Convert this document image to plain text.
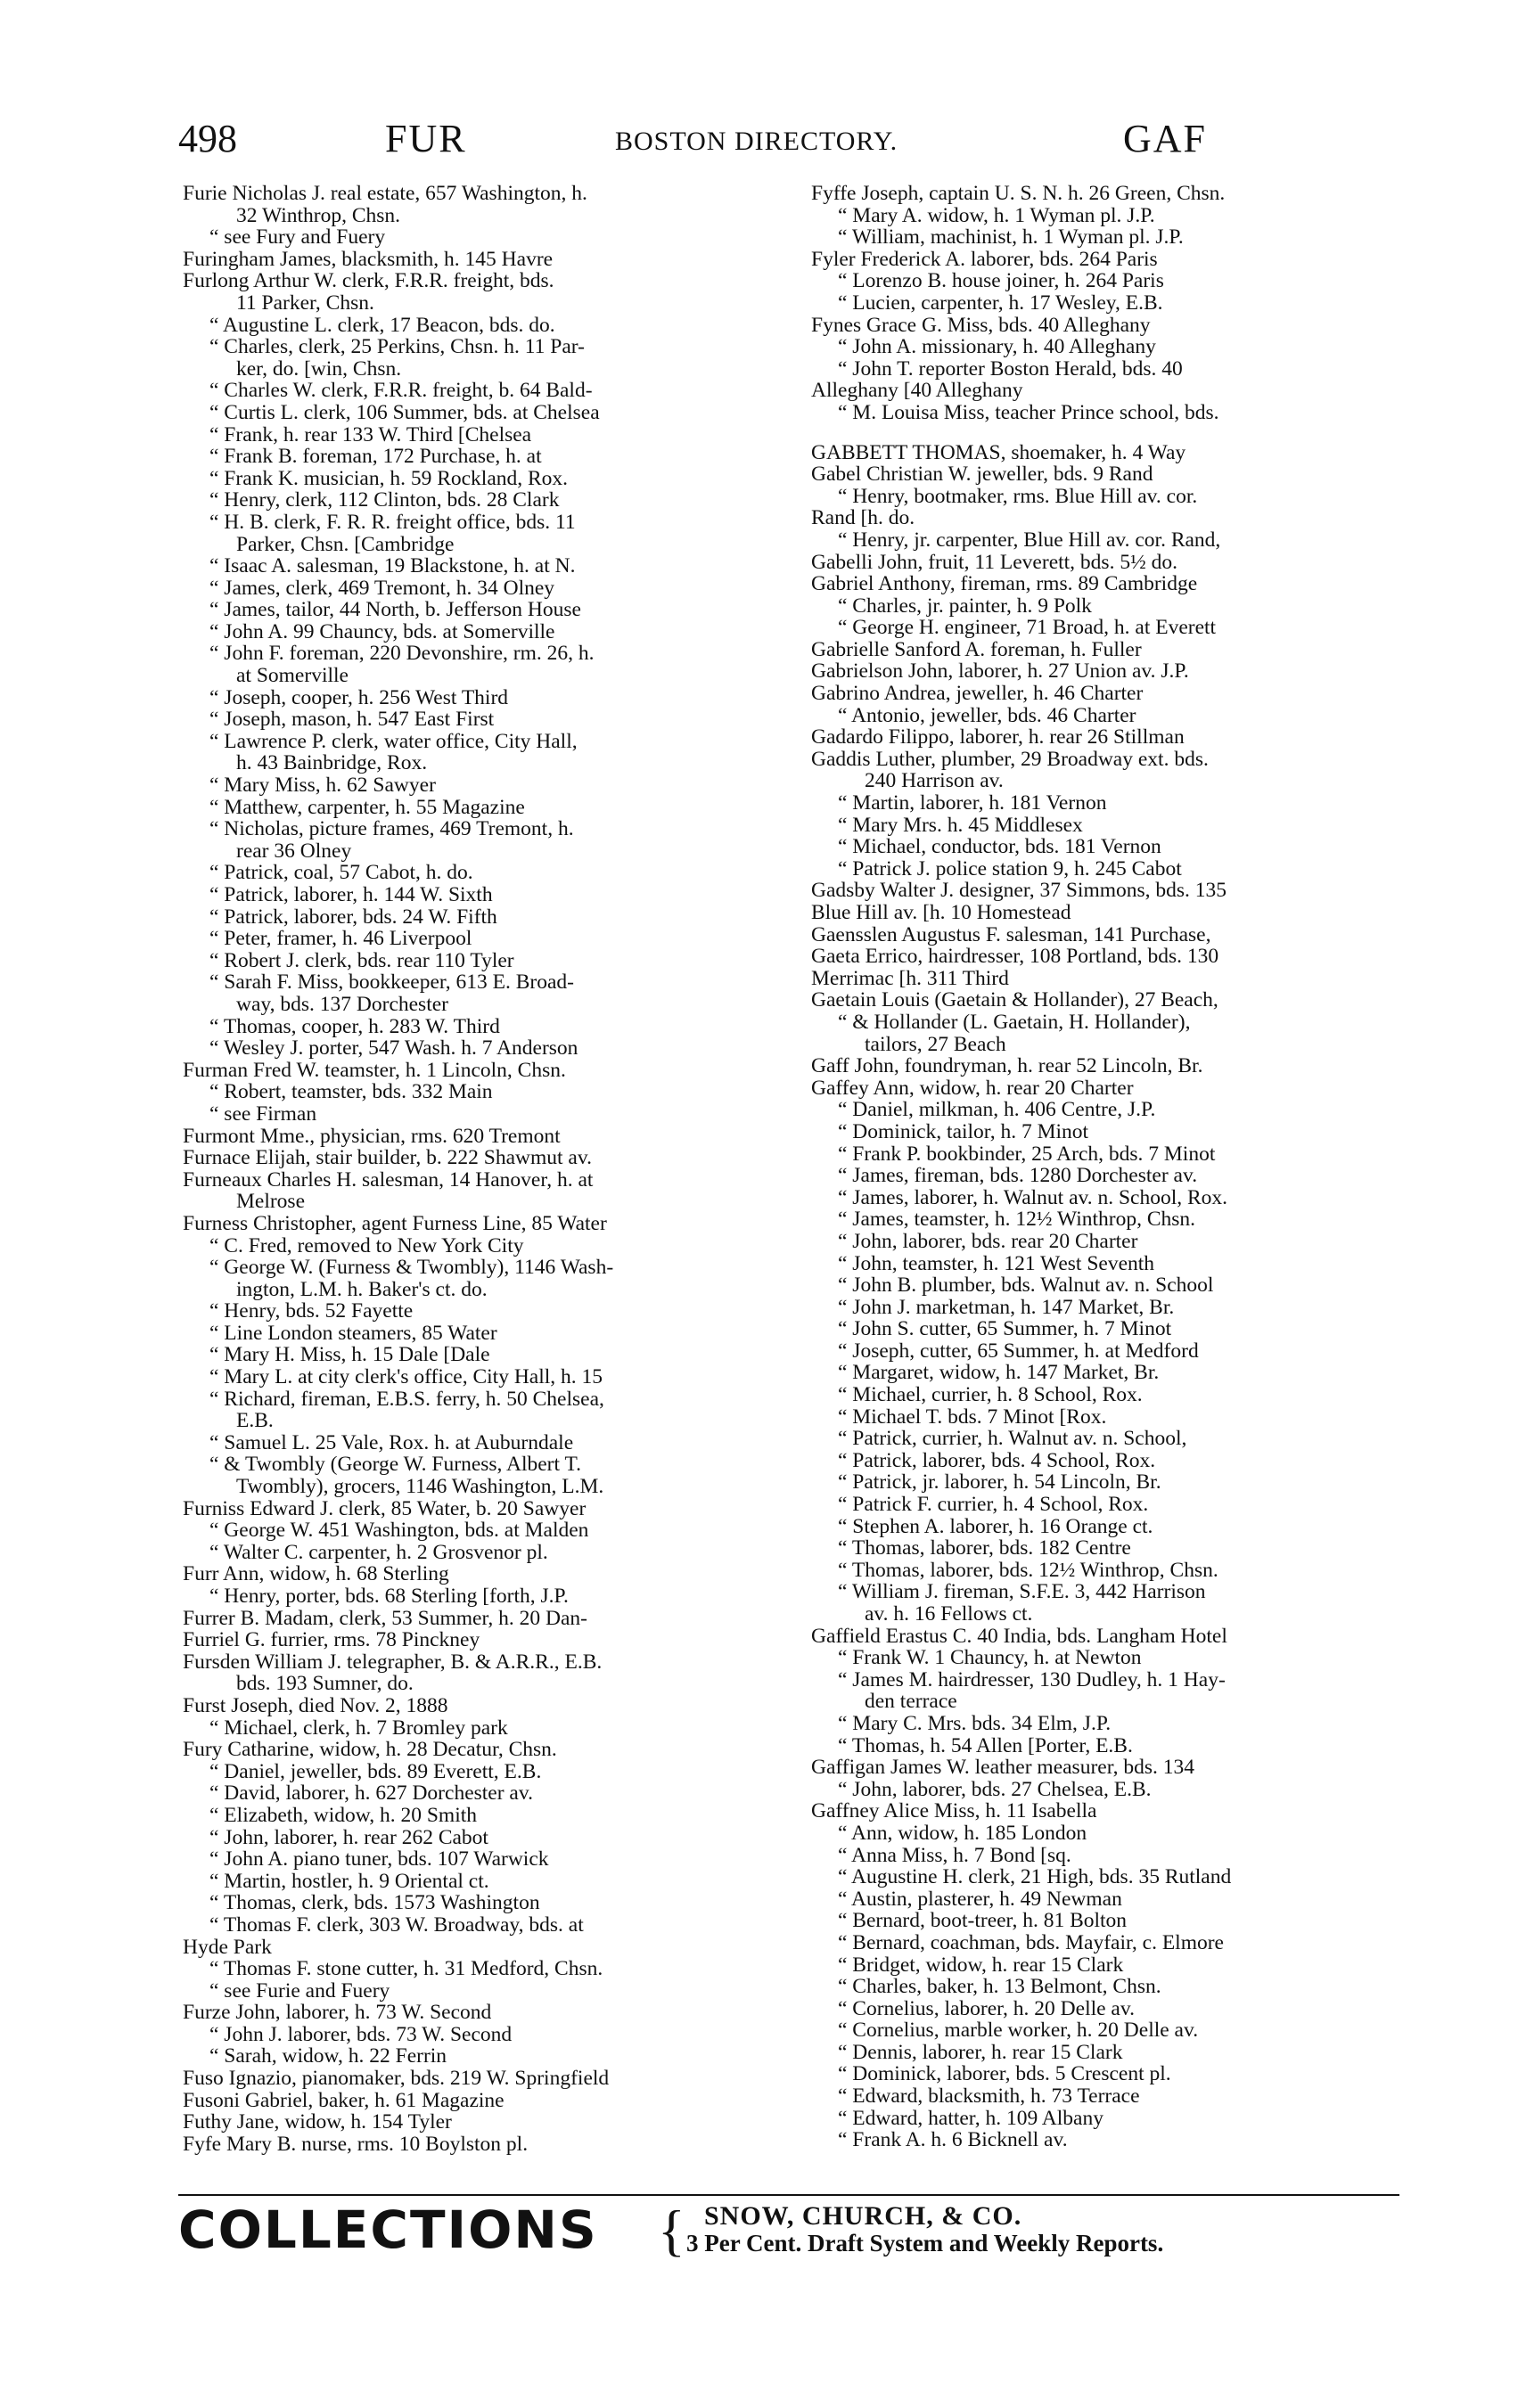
498	FUR	BOSTON DIRECTORY.	GAF
Furie Nicholas J. real estate, 657 Washington, h.
32 Winthrop, Chsn.
“ see Fury and Fuery
Furingham James, blacksmith, h. 145 Havre
Furlong Arthur W. clerk, F.R.R. freight, bds.
11 Parker, Chsn.
“ Augustine L. clerk, 17 Beacon, bds. do.
“ Charles, clerk, 25 Perkins, Chsn. h. 11 Par-
ker, do. [win, Chsn.
“ Charles W. clerk, F.R.R. freight, b. 64 Bald-
“ Curtis L. clerk, 106 Summer, bds. at Chelsea
“ Frank, h. rear 133 W. Third [Chelsea
“ Frank B. foreman, 172 Purchase, h. at
“ Frank K. musician, h. 59 Rockland, Rox.
“ Henry, clerk, 112 Clinton, bds. 28 Clark
“ H. B. clerk, F. R. R. freight office, bds. 11
Parker, Chsn. [Cambridge
“ Isaac A. salesman, 19 Blackstone, h. at N.
“ James, clerk, 469 Tremont, h. 34 Olney
“ James, tailor, 44 North, b. Jefferson House
“ John A. 99 Chauncy, bds. at Somerville
“ John F. foreman, 220 Devonshire, rm. 26, h.
at Somerville
“ Joseph, cooper, h. 256 West Third
“ Joseph, mason, h. 547 East First
“ Lawrence P. clerk, water office, City Hall,
h. 43 Bainbridge, Rox.
“ Mary Miss, h. 62 Sawyer
“ Matthew, carpenter, h. 55 Magazine
“ Nicholas, picture frames, 469 Tremont, h.
rear 36 Olney
“ Patrick, coal, 57 Cabot, h. do.
“ Patrick, laborer, h. 144 W. Sixth
“ Patrick, laborer, bds. 24 W. Fifth
“ Peter, framer, h. 46 Liverpool
“ Robert J. clerk, bds. rear 110 Tyler
“ Sarah F. Miss, bookkeeper, 613 E. Broad-
way, bds. 137 Dorchester
“ Thomas, cooper, h. 283 W. Third
“ Wesley J. porter, 547 Wash. h. 7 Anderson
Furman Fred W. teamster, h. 1 Lincoln, Chsn.
“ Robert, teamster, bds. 332 Main
“ see Firman
Furmont Mme., physician, rms. 620 Tremont
Furnace Elijah, stair builder, b. 222 Shawmut av.
Furneaux Charles H. salesman, 14 Hanover, h. at
Melrose
Furness Christopher, agent Furness Line, 85 Water
“ C. Fred, removed to New York City
“ George W. (Furness & Twombly), 1146 Wash-
ington, L.M. h. Baker's ct. do.
“ Henry, bds. 52 Fayette
“ Line London steamers, 85 Water
“ Mary H. Miss, h. 15 Dale [Dale
“ Mary L. at city clerk's office, City Hall, h. 15
“ Richard, fireman, E.B.S. ferry, h. 50 Chelsea,
E.B.
“ Samuel L. 25 Vale, Rox. h. at Auburndale
“ & Twombly (George W. Furness, Albert T.
Twombly), grocers, 1146 Washington, L.M.
Furniss Edward J. clerk, 85 Water, b. 20 Sawyer
“ George W. 451 Washington, bds. at Malden
“ Walter C. carpenter, h. 2 Grosvenor pl.
Furr Ann, widow, h. 68 Sterling
“ Henry, porter, bds. 68 Sterling [forth, J.P.
Furrer B. Madam, clerk, 53 Summer, h. 20 Dan-
Furriel G. furrier, rms. 78 Pinckney
Fursden William J. telegrapher, B. & A.R.R., E.B.
bds. 193 Sumner, do.
Furst Joseph, died Nov. 2, 1888
“ Michael, clerk, h. 7 Bromley park
Fury Catharine, widow, h. 28 Decatur, Chsn.
“ Daniel, jeweller, bds. 89 Everett, E.B.
“ David, laborer, h. 627 Dorchester av.
“ Elizabeth, widow, h. 20 Smith
“ John, laborer, h. rear 262 Cabot
“ John A. piano tuner, bds. 107 Warwick
“ Martin, hostler, h. 9 Oriental ct.
“ Thomas, clerk, bds. 1573 Washington
“ Thomas F. clerk, 303 W. Broadway, bds. at
Hyde Park
“ Thomas F. stone cutter, h. 31 Medford, Chsn.
“ see Furie and Fuery
Furze John, laborer, h. 73 W. Second
“ John J. laborer, bds. 73 W. Second
“ Sarah, widow, h. 22 Ferrin
Fuso Ignazio, pianomaker, bds. 219 W. Springfield
Fusoni Gabriel, baker, h. 61 Magazine
Futhy Jane, widow, h. 154 Tyler
Fyfe Mary B. nurse, rms. 10 Boylston pl.
Fyffe Joseph, captain U. S. N. h. 26 Green, Chsn.
“ Mary A. widow, h. 1 Wyman pl. J.P.
“ William, machinist, h. 1 Wyman pl. J.P.
Fyler Frederick A. laborer, bds. 264 Paris
“ Lorenzo B. house joiner, h. 264 Paris
“ Lucien, carpenter, h. 17 Wesley, E.B.
Fynes Grace G. Miss, bds. 40 Alleghany
“ John A. missionary, h. 40 Alleghany
“ John T. reporter Boston Herald, bds. 40
Alleghany [40 Alleghany
“ M. Louisa Miss, teacher Prince school, bds.
GABBETT THOMAS, shoemaker, h. 4 Way
Gabel Christian W. jeweller, bds. 9 Rand
“ Henry, bootmaker, rms. Blue Hill av. cor.
Rand [h. do.
“ Henry, jr. carpenter, Blue Hill av. cor. Rand,
Gabelli John, fruit, 11 Leverett, bds. 5½ do.
Gabriel Anthony, fireman, rms. 89 Cambridge
“ Charles, jr. painter, h. 9 Polk
“ George H. engineer, 71 Broad, h. at Everett
Gabrielle Sanford A. foreman, h. Fuller
Gabrielson John, laborer, h. 27 Union av. J.P.
Gabrino Andrea, jeweller, h. 46 Charter
“ Antonio, jeweller, bds. 46 Charter
Gadardo Filippo, laborer, h. rear 26 Stillman
Gaddis Luther, plumber, 29 Broadway ext. bds.
240 Harrison av.
“ Martin, laborer, h. 181 Vernon
“ Mary Mrs. h. 45 Middlesex
“ Michael, conductor, bds. 181 Vernon
“ Patrick J. police station 9, h. 245 Cabot
Gadsby Walter J. designer, 37 Simmons, bds. 135
Blue Hill av. [h. 10 Homestead
Gaensslen Augustus F. salesman, 141 Purchase,
Gaeta Errico, hairdresser, 108 Portland, bds. 130
Merrimac [h. 311 Third
Gaetain Louis (Gaetain & Hollander), 27 Beach,
“ & Hollander (L. Gaetain, H. Hollander),
tailors, 27 Beach
Gaff John, foundryman, h. rear 52 Lincoln, Br.
Gaffey Ann, widow, h. rear 20 Charter
“ Daniel, milkman, h. 406 Centre, J.P.
“ Dominick, tailor, h. 7 Minot
“ Frank P. bookbinder, 25 Arch, bds. 7 Minot
“ James, fireman, bds. 1280 Dorchester av.
“ James, laborer, h. Walnut av. n. School, Rox.
“ James, teamster, h. 12½ Winthrop, Chsn.
“ John, laborer, bds. rear 20 Charter
“ John, teamster, h. 121 West Seventh
“ John B. plumber, bds. Walnut av. n. School
“ John J. marketman, h. 147 Market, Br.
“ John S. cutter, 65 Summer, h. 7 Minot
“ Joseph, cutter, 65 Summer, h. at Medford
“ Margaret, widow, h. 147 Market, Br.
“ Michael, currier, h. 8 School, Rox.
“ Michael T. bds. 7 Minot [Rox.
“ Patrick, currier, h. Walnut av. n. School,
“ Patrick, laborer, bds. 4 School, Rox.
“ Patrick, jr. laborer, h. 54 Lincoln, Br.
“ Patrick F. currier, h. 4 School, Rox.
“ Stephen A. laborer, h. 16 Orange ct.
“ Thomas, laborer, bds. 182 Centre
“ Thomas, laborer, bds. 12½ Winthrop, Chsn.
“ William J. fireman, S.F.E. 3, 442 Harrison
av. h. 16 Fellows ct.
Gaffield Erastus C. 40 India, bds. Langham Hotel
“ Frank W. 1 Chauncy, h. at Newton
“ James M. hairdresser, 130 Dudley, h. 1 Hay-
den terrace
“ Mary C. Mrs. bds. 34 Elm, J.P.
“ Thomas, h. 54 Allen [Porter, E.B.
Gaffigan James W. leather measurer, bds. 134
“ John, laborer, bds. 27 Chelsea, E.B.
Gaffney Alice Miss, h. 11 Isabella
“ Ann, widow, h. 185 London
“ Anna Miss, h. 7 Bond [sq.
“ Augustine H. clerk, 21 High, bds. 35 Rutland
“ Austin, plasterer, h. 49 Newman
“ Bernard, boot-treer, h. 81 Bolton
“ Bernard, coachman, bds. Mayfair, c. Elmore
“ Bridget, widow, h. rear 15 Clark
“ Charles, baker, h. 13 Belmont, Chsn.
“ Cornelius, laborer, h. 20 Delle av.
“ Cornelius, marble worker, h. 20 Delle av.
“ Dennis, laborer, h. rear 15 Clark
“ Dominick, laborer, bds. 5 Crescent pl.
“ Edward, blacksmith, h. 73 Terrace
“ Edward, hatter, h. 109 Albany
“ Frank A. h. 6 Bicknell av.
COLLECTIONS { SNOW, CHURCH, & CO.
3 Per Cent. Draft System and Weekly Reports.
